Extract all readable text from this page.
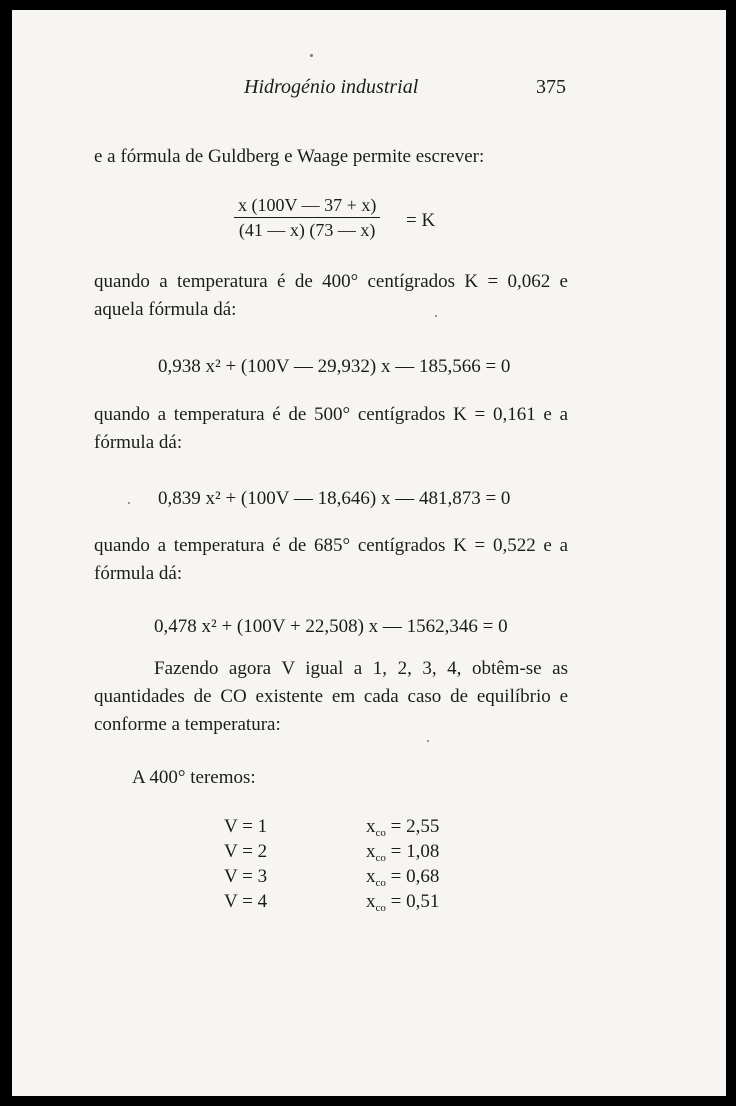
Hidrogénio industrial	375
e a fórmula de Guldberg e Waage permite escrever:
$\frac{x (100V — 37 + x)}{(41 — x) (73 — x)} = K$
quando a temperatura é de 400° centígrados K = 0,062 e aquela fórmula dá:
0,938 x² + (100V — 29,932) x — 185,566 = 0
quando a temperatura é de 500° centígrados K = 0,161 e a fórmula dá:
0,839 x² + (100V — 18,646) x — 481,873 = 0
quando a temperatura é de 685° centígrados K = 0,522 e a fórmula dá:
0,478 x² + (100V + 22,508) x — 1562,346 = 0
Fazendo agora V igual a 1, 2, 3, 4, obtêm-se as quantidades de CO existente em cada caso de equilíbrio e conforme a temperatura:
A 400° teremos:
V = 1	$x_{co} = 2,55$
V = 2	$x_{co} = 1,08$
V = 3	$x_{co} = 0,68$
V = 4	$x_{co} = 0,51$
